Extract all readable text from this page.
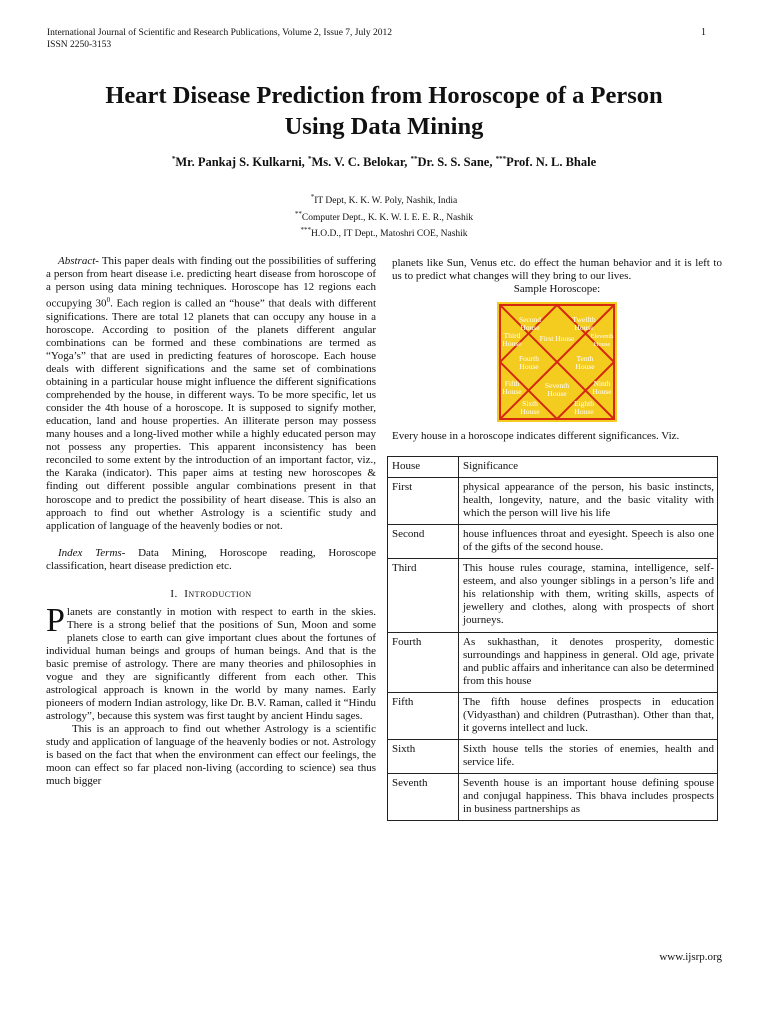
International Journal of Scientific and Research Publications, Volume 2, Issue 7, July 2012
ISSN 2250-3153
1
Heart Disease Prediction from Horoscope of a Person
Using Data Mining
*Mr. Pankaj S. Kulkarni, *Ms. V. C. Belokar, **Dr. S. S. Sane, ***Prof. N. L. Bhale
*IT Dept, K. K. W. Poly, Nashik, India
**Computer Dept., K. K. W. I. E. E. R., Nashik
***H.O.D., IT Dept., Matoshri COE, Nashik

Abstract- This paper deals with finding out the possibilities of suffering a person from heart disease i.e. predicting heart disease from horoscope of a person using data mining techniques. Horoscope has 12 regions each occupying $30^0$. Each region is called an “house” that deals with different significations. There are total 12 planets that can occupy any house in a horoscope. According to position of the planets different angular combinations can be formed and these combinations are termed as “Yoga’s” that are used in predicting features of horoscope. Each house deals with different significations and the same set of combinations obtaining in a particular house might influence the different significations comprehended by the house, in different ways. To be more specific, let us consider the 4th house of a horoscope. It is supposed to signify mother, education, land and house properties. An illiterate person may possess many houses and a long-lived mother while a highly educated person may not possess any properties. This apparent inconsistency has been reconciled to some extent by the introduction of an important factor, viz., the Karaka (indicator). This paper aims at testing new horoscopes & finding out different possible angular combinations present in that horoscope and to predict the possibility of heart disease. This is also an approach to find out whether Astrology is a scientific study and application of language of the heavenly bodies or not.

Index Terms- Data Mining, Horoscope reading, Horoscope classification, heart disease prediction etc.

I. Introduction

Planets are constantly in motion with respect to earth in the skies. There is a strong belief that the positions of Sun, Moon and some planets close to earth can give important clues about the fortunes of individual human beings and groups of human beings. And that is the basic premise of astrology. There are many theories and philosophies in vogue and they are significantly different from each other. This astrological approach is known in the world by many names. Early pioneers of modern Indian astrology, like Dr. B.V. Raman, called it “Hindu astrology”, because this system was first taught by ancient Hindu sages.

This is an approach to find out whether Astrology is a scientific study and application of language of the heavenly bodies or not. Astrology is based on the fact that when the environment can effect our feelings, the moon can effect so far placed non-living (according to science) sea thus much bigger

planets like Sun, Venus etc. do effect the human behavior and it is left to us to predict what changes will they bring to our lives.

Sample Horoscope:

Second House
Twelfth House
Third House
First House Eleventh House
Fourth House
Tenth House
Fifth House
Seventh House
Ninth House
Sixth House
Eighth House
Every house in a horoscope indicates different significances. Viz.
House	Significance
First	physical appearance of the person, his basic instincts, health, longevity, nature, and the basic vitality with which the person will live his life
Second	house influences throat and eyesight. Speech is also one of the gifts of the second house.
Third	This house rules courage, stamina, intelligence, self-esteem, and also younger siblings in a person’s life and his relationship with them, writing skills, aspects of jewellery and clothes, along with prospects of short journeys.
Fourth	As sukhasthan, it denotes prosperity, domestic surroundings and happiness in general. Old age, private and public affairs and inheritance can also be determined from this house
Fifth	The fifth house defines prospects in education (Vidyasthan) and children (Putrasthan). Other than that, it governs intellect and luck.
Sixth	Sixth house tells the stories of enemies, health and service life.
Seventh	Seventh house is an important house defining spouse and conjugal happiness. This bhava includes prospects in business partnerships as
www.ijsrp.org
